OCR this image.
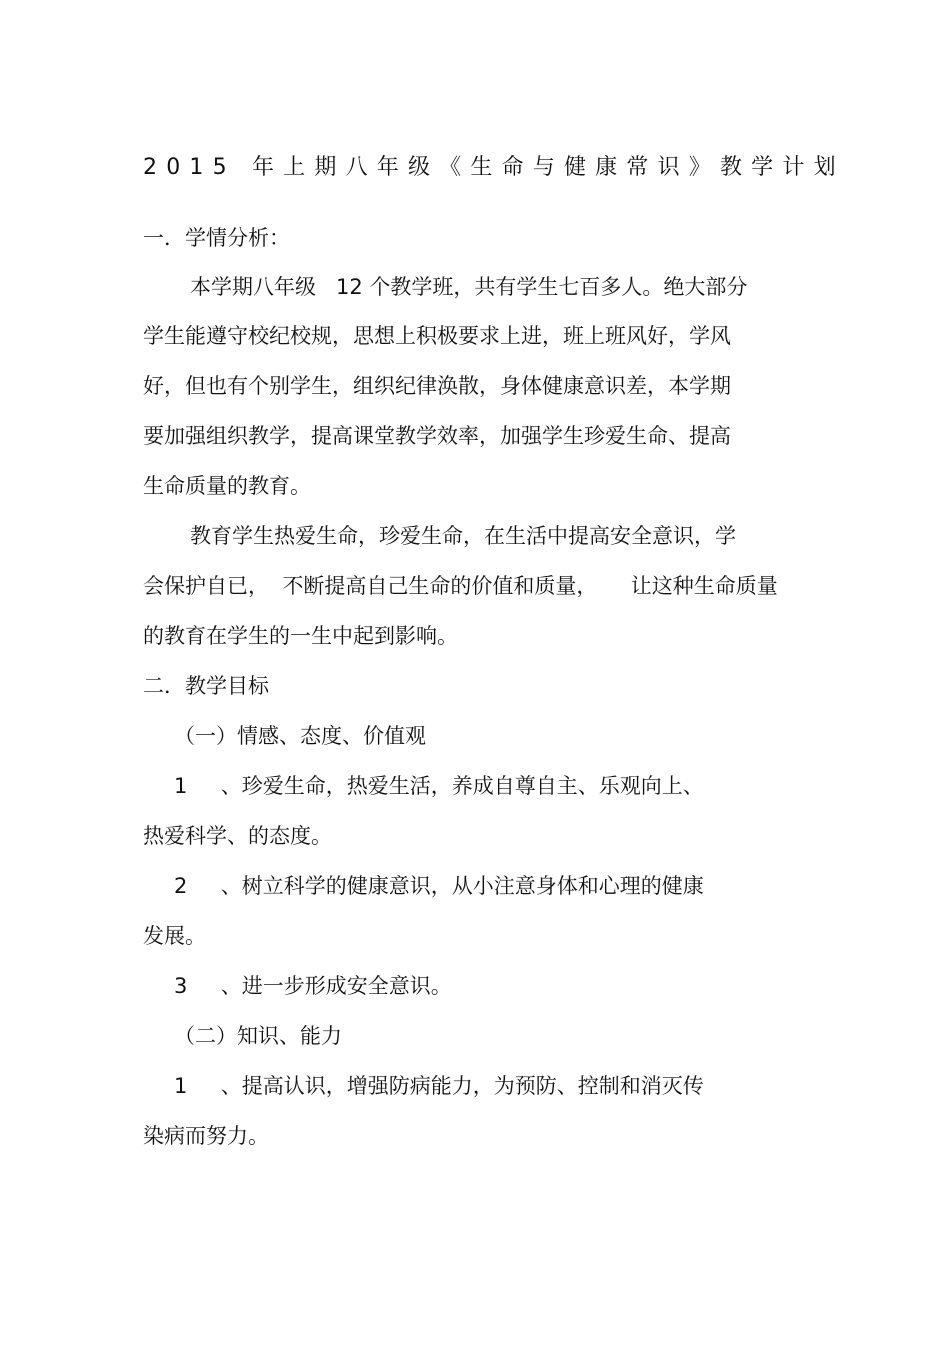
2015 年上期八年级《生命与健康常识》教学计划
一．学情分析：
本学期八年级   12 个教学班，共有学生七百多人。绝大部分
学生能遵守校纪校规，思想上积极要求上进，班上班风好，学风
好，但也有个别学生，组织纪律涣散，身体健康意识差，本学期
要加强组织教学，提高课堂教学效率，加强学生珍爱生命、提高
生命质量的教育。
教育学生热爱生命，珍爱生命，在生活中提高安全意识，学
会保护自已，  不断提高自己生命的价值和质量，     让这种生命质量
的教育在学生的一生中起到影响。
二．教学目标
（一）情感、态度、价值观
1     、珍爱生命，热爱生活，养成自尊自主、乐观向上、
热爱科学、的态度。
2     、树立科学的健康意识，从小注意身体和心理的健康
发展。
3     、进一步形成安全意识。
（二）知识、能力
1     、提高认识，增强防病能力，为预防、控制和消灭传
染病而努力。
